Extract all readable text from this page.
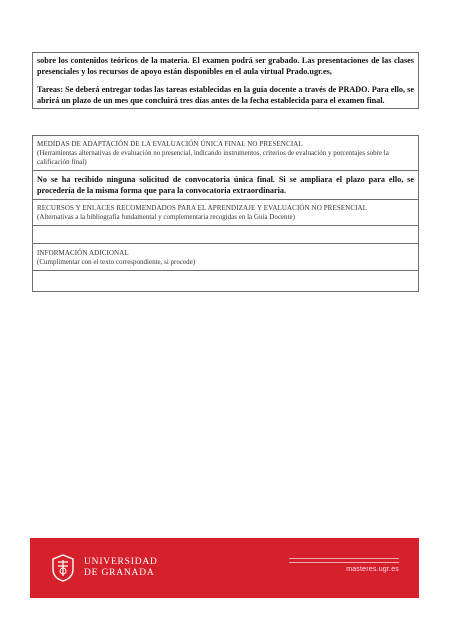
sobre los contenidos teóricos de la materia. El examen podrá ser grabado. Las presentaciones de las clases presenciales y los recursos de apoyo están disponibles en el aula virtual Prado.ugr.es,

Tareas: Se deberá entregar todas las tareas establecidas en la guía docente a través de PRADO. Para ello, se abrirá un plazo de un mes que concluirá tres días antes de la fecha establecida para el examen final.

MEDIDAS DE ADAPTACIÓN DE LA EVALUACIÓN ÚNICA FINAL NO PRESENCIAL
(Herramientas alternativas de evaluación no presencial, indicando instrumentos, criterios de evaluación y porcentajes sobre la calificación final)

No se ha recibido ninguna solicitud de convocatoria única final. Si se ampliara el plazo para ello, se procedería de la misma forma que para la convocatoria extraordinaria.

RECURSOS Y ENLACES RECOMENDADOS PARA EL APRENDIZAJE Y EVALUACIÓN NO PRESENCIAL
(Alternativas a la bibliografía fundamental y complementaria recogidas en la Guía Docente)
INFORMACIÓN ADICIONAL
(Cumplimentar con el texto correspondiente, si procede)
UNIVERSIDAD
DE GRANADA	masteres.ugr.es
